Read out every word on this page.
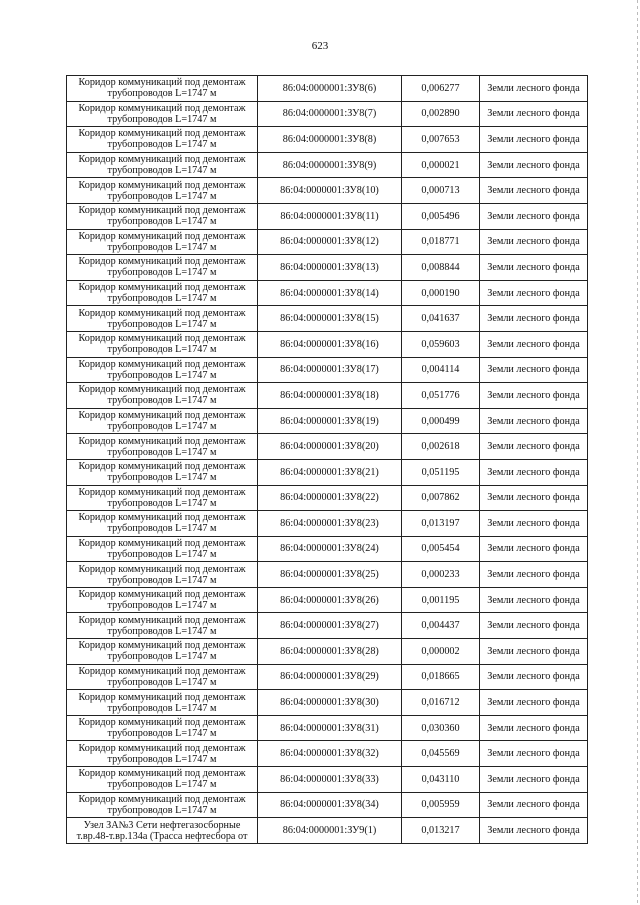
623
Коридор коммуникаций под демонтаж
трубопроводов L=1747 м	86:04:0000001:ЗУ8(6)	0,006277	Земли лесного фонда

Коридор коммуникаций под демонтаж
трубопроводов L=1747 м	86:04:0000001:ЗУ8(7)	0,002890	Земли лесного фонда

Коридор коммуникаций под демонтаж
трубопроводов L=1747 м	86:04:0000001:ЗУ8(8)	0,007653	Земли лесного фонда

Коридор коммуникаций под демонтаж
трубопроводов L=1747 м	86:04:0000001:ЗУ8(9)	0,000021	Земли лесного фонда

Коридор коммуникаций под демонтаж
трубопроводов L=1747 м	86:04:0000001:ЗУ8(10)	0,000713	Земли лесного фонда

Коридор коммуникаций под демонтаж
трубопроводов L=1747 м	86:04:0000001:ЗУ8(11)	0,005496	Земли лесного фонда

Коридор коммуникаций под демонтаж
трубопроводов L=1747 м	86:04:0000001:ЗУ8(12)	0,018771	Земли лесного фонда

Коридор коммуникаций под демонтаж
трубопроводов L=1747 м	86:04:0000001:ЗУ8(13)	0,008844	Земли лесного фонда

Коридор коммуникаций под демонтаж
трубопроводов L=1747 м	86:04:0000001:ЗУ8(14)	0,000190	Земли лесного фонда

Коридор коммуникаций под демонтаж
трубопроводов L=1747 м	86:04:0000001:ЗУ8(15)	0,041637	Земли лесного фонда

Коридор коммуникаций под демонтаж
трубопроводов L=1747 м	86:04:0000001:ЗУ8(16)	0,059603	Земли лесного фонда

Коридор коммуникаций под демонтаж
трубопроводов L=1747 м	86:04:0000001:ЗУ8(17)	0,004114	Земли лесного фонда

Коридор коммуникаций под демонтаж
трубопроводов L=1747 м	86:04:0000001:ЗУ8(18)	0,051776	Земли лесного фонда

Коридор коммуникаций под демонтаж
трубопроводов L=1747 м	86:04:0000001:ЗУ8(19)	0,000499	Земли лесного фонда

Коридор коммуникаций под демонтаж
трубопроводов L=1747 м	86:04:0000001:ЗУ8(20)	0,002618	Земли лесного фонда

Коридор коммуникаций под демонтаж
трубопроводов L=1747 м	86:04:0000001:ЗУ8(21)	0,051195	Земли лесного фонда

Коридор коммуникаций под демонтаж
трубопроводов L=1747 м	86:04:0000001:ЗУ8(22)	0,007862	Земли лесного фонда

Коридор коммуникаций под демонтаж
трубопроводов L=1747 м	86:04:0000001:ЗУ8(23)	0,013197	Земли лесного фонда

Коридор коммуникаций под демонтаж
трубопроводов L=1747 м	86:04:0000001:ЗУ8(24)	0,005454	Земли лесного фонда

Коридор коммуникаций под демонтаж
трубопроводов L=1747 м	86:04:0000001:ЗУ8(25)	0,000233	Земли лесного фонда

Коридор коммуникаций под демонтаж
трубопроводов L=1747 м	86:04:0000001:ЗУ8(26)	0,001195	Земли лесного фонда

Коридор коммуникаций под демонтаж
трубопроводов L=1747 м	86:04:0000001:ЗУ8(27)	0,004437	Земли лесного фонда

Коридор коммуникаций под демонтаж
трубопроводов L=1747 м	86:04:0000001:ЗУ8(28)	0,000002	Земли лесного фонда

Коридор коммуникаций под демонтаж
трубопроводов L=1747 м	86:04:0000001:ЗУ8(29)	0,018665	Земли лесного фонда

Коридор коммуникаций под демонтаж
трубопроводов L=1747 м	86:04:0000001:ЗУ8(30)	0,016712	Земли лесного фонда

Коридор коммуникаций под демонтаж
трубопроводов L=1747 м	86:04:0000001:ЗУ8(31)	0,030360	Земли лесного фонда

Коридор коммуникаций под демонтаж
трубопроводов L=1747 м	86:04:0000001:ЗУ8(32)	0,045569	Земли лесного фонда

Коридор коммуникаций под демонтаж
трубопроводов L=1747 м	86:04:0000001:ЗУ8(33)	0,043110	Земли лесного фонда

Коридор коммуникаций под демонтаж
трубопроводов L=1747 м	86:04:0000001:ЗУ8(34)	0,005959	Земли лесного фонда

Узел ЗА№3 Сети нефтегазосборные
т.вр.48-т.вр.134а (Трасса нефтесбора от	86:04:0000001:ЗУ9(1)	0,013217	Земли лесного фонда
